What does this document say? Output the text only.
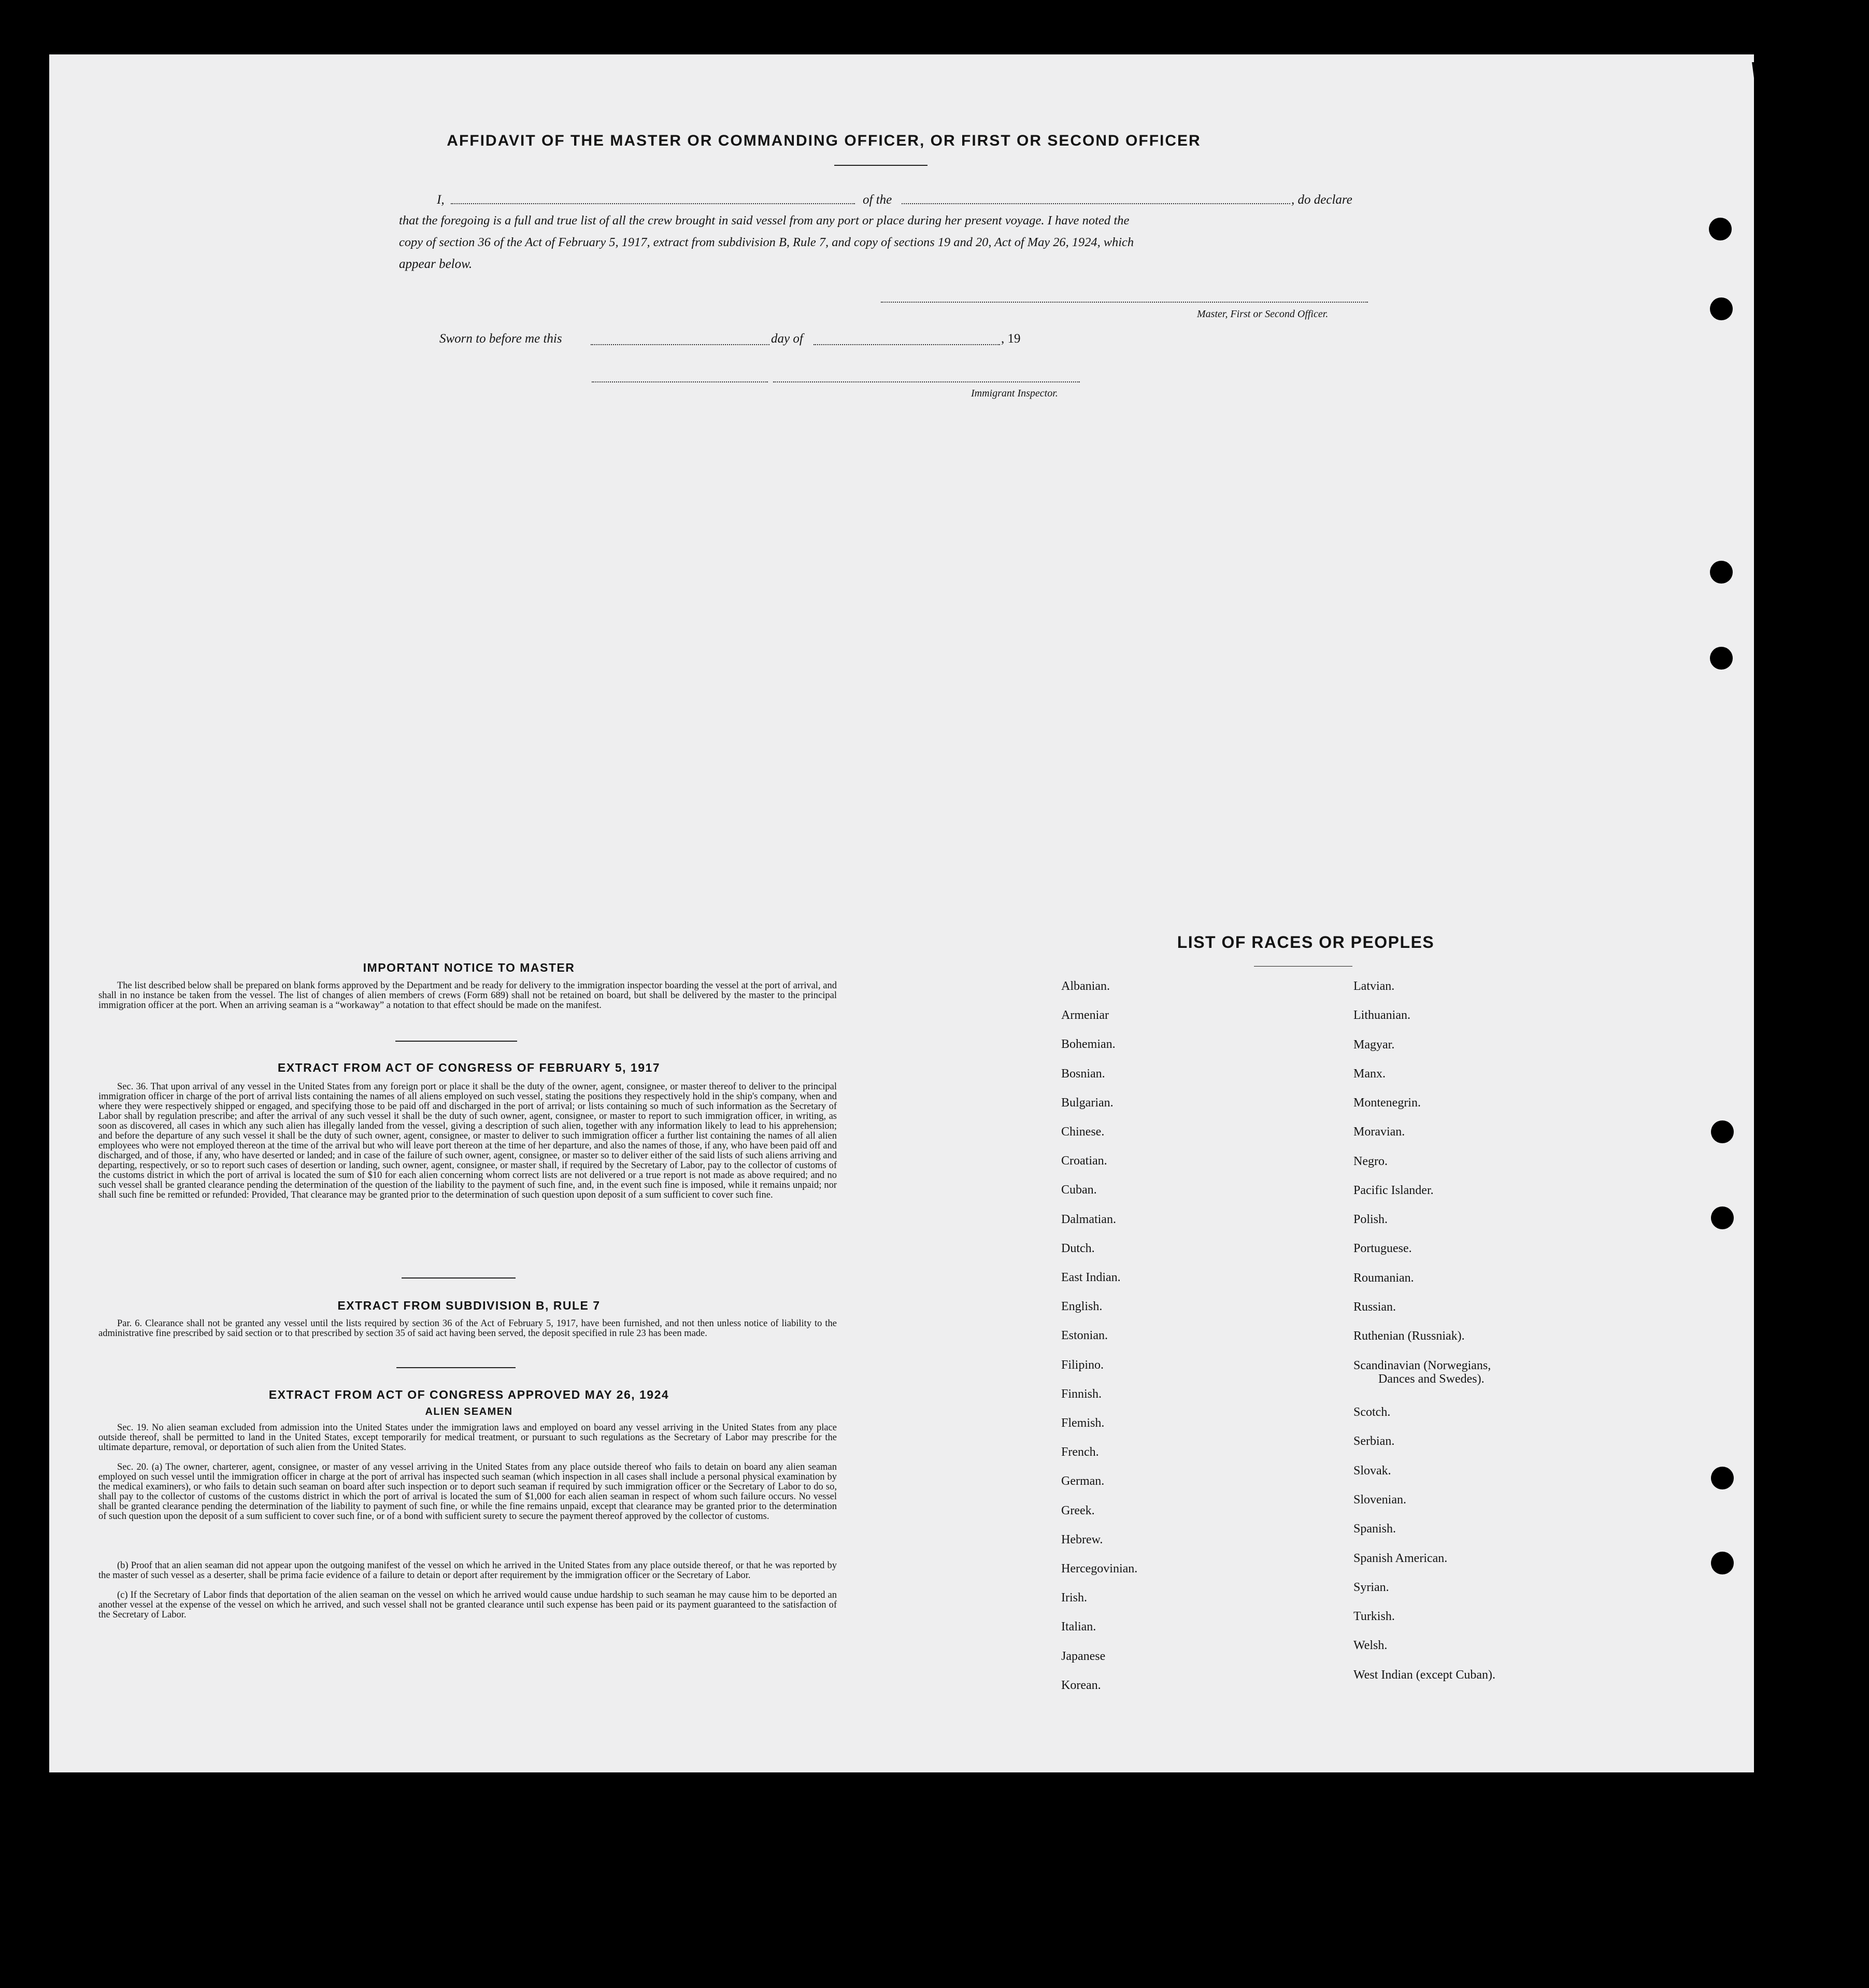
AFFIDAVIT OF THE MASTER OR COMMANDING OFFICER, OR FIRST OR SECOND OFFICER
I,	of the	, do declare
that the foregoing is a full and true list of all the crew brought in said vessel from any port or place during her present voyage. I have noted the
copy of section 36 of the Act of February 5, 1917, extract from subdivision B, Rule 7, and copy of sections 19 and 20, Act of May 26, 1924, which
appear below.
Master, First or Second Officer.
Sworn to before me this	day of	, 19
Immigrant Inspector.
IMPORTANT NOTICE TO MASTER
The list described below shall be prepared on blank forms approved by the Department and be ready for delivery to the immigration inspector boarding the vessel at the port of arrival, and shall in no instance be taken from the vessel. The list of changes of alien members of crews (Form 689) shall not be retained on board, but shall be delivered by the master to the principal immigration officer at the port. When an arriving seaman is a “workaway” a notation to that effect should be made on the manifest.
EXTRACT FROM ACT OF CONGRESS OF FEBRUARY 5, 1917
Sec. 36. That upon arrival of any vessel in the United States from any foreign port or place it shall be the duty of the owner, agent, consignee, or master thereof to deliver to the principal immigration officer in charge of the port of arrival lists containing the names of all aliens employed on such vessel, stating the positions they respectively hold in the ship's company, when and where they were respectively shipped or engaged, and specifying those to be paid off and discharged in the port of arrival; or lists containing so much of such information as the Secretary of Labor shall by regulation prescribe; and after the arrival of any such vessel it shall be the duty of such owner, agent, consignee, or master to report to such immigration officer, in writing, as soon as discovered, all cases in which any such alien has illegally landed from the vessel, giving a description of such alien, together with any information likely to lead to his apprehension; and before the departure of any such vessel it shall be the duty of such owner, agent, consignee, or master to deliver to such immigration officer a further list containing the names of all alien employees who were not employed thereon at the time of the arrival but who will leave port thereon at the time of her departure, and also the names of those, if any, who have been paid off and discharged, and of those, if any, who have deserted or landed; and in case of the failure of such owner, agent, consignee, or master so to deliver either of the said lists of such aliens arriving and departing, respectively, or so to report such cases of desertion or landing, such owner, agent, consignee, or master shall, if required by the Secretary of Labor, pay to the collector of customs of the customs district in which the port of arrival is located the sum of $10 for each alien concerning whom correct lists are not delivered or a true report is not made as above required; and no such vessel shall be granted clearance pending the determination of the question of the liability to the payment of such fine, and, in the event such fine is imposed, while it remains unpaid; nor shall such fine be remitted or refunded: Provided, That clearance may be granted prior to the determination of such question upon deposit of a sum sufficient to cover such fine.
EXTRACT FROM SUBDIVISION B, RULE 7
Par. 6. Clearance shall not be granted any vessel until the lists required by section 36 of the Act of February 5, 1917, have been furnished, and not then unless notice of liability to the administrative fine prescribed by said section or to that prescribed by section 35 of said act having been served, the deposit specified in rule 23 has been made.
EXTRACT FROM ACT OF CONGRESS APPROVED MAY 26, 1924
ALIEN SEAMEN
Sec. 19. No alien seaman excluded from admission into the United States under the immigration laws and employed on board any vessel arriving in the United States from any place outside thereof, shall be permitted to land in the United States, except temporarily for medical treatment, or pursuant to such regulations as the Secretary of Labor may prescribe for the ultimate departure, removal, or deportation of such alien from the United States.
Sec. 20. (a) The owner, charterer, agent, consignee, or master of any vessel arriving in the United States from any place outside thereof who fails to detain on board any alien seaman employed on such vessel until the immigration officer in charge at the port of arrival has inspected such seaman (which inspection in all cases shall include a personal physical examination by the medical examiners), or who fails to detain such seaman on board after such inspection or to deport such seaman if required by such immigration officer or the Secretary of Labor to do so, shall pay to the collector of customs of the customs district in which the port of arrival is located the sum of $1,000 for each alien seaman in respect of whom such failure occurs. No vessel shall be granted clearance pending the determination of the liability to payment of such fine, or while the fine remains unpaid, except that clearance may be granted prior to the determination of such question upon the deposit of a sum sufficient to cover such fine, or of a bond with sufficient surety to secure the payment thereof approved by the collector of customs.
(b) Proof that an alien seaman did not appear upon the outgoing manifest of the vessel on which he arrived in the United States from any place outside thereof, or that he was reported by the master of such vessel as a deserter, shall be prima facie evidence of a failure to detain or deport after requirement by the immigration officer or the Secretary of Labor.
(c) If the Secretary of Labor finds that deportation of the alien seaman on the vessel on which he arrived would cause undue hardship to such seaman he may cause him to be deported an another vessel at the expense of the vessel on which he arrived, and such vessel shall not be granted clearance until such expense has been paid or its payment guaranteed to the satisfaction of the Secretary of Labor.
LIST OF RACES OR PEOPLES
Albanian.
Armeniar
Bohemian.
Bosnian.
Bulgarian.
Chinese.
Croatian.
Cuban.
Dalmatian.
Dutch.
East Indian.
English.
Estonian.
Filipino.
Finnish.
Flemish.
French.
German.
Greek.
Hebrew.
Hercegovinian.
Irish.
Italian.
Japanese
Korean.
Latvian.
Lithuanian.
Magyar.
Manx.
Montenegrin.
Moravian.
Negro.
Pacific Islander.
Polish.
Portuguese.
Roumanian.
Russian.
Ruthenian (Russniak).
Scandinavian (Norwegians,
Dances and Swedes).
Scotch.
Serbian.
Slovak.
Slovenian.
Spanish.
Spanish American.
Syrian.
Turkish.
Welsh.
West Indian (except Cuban).
